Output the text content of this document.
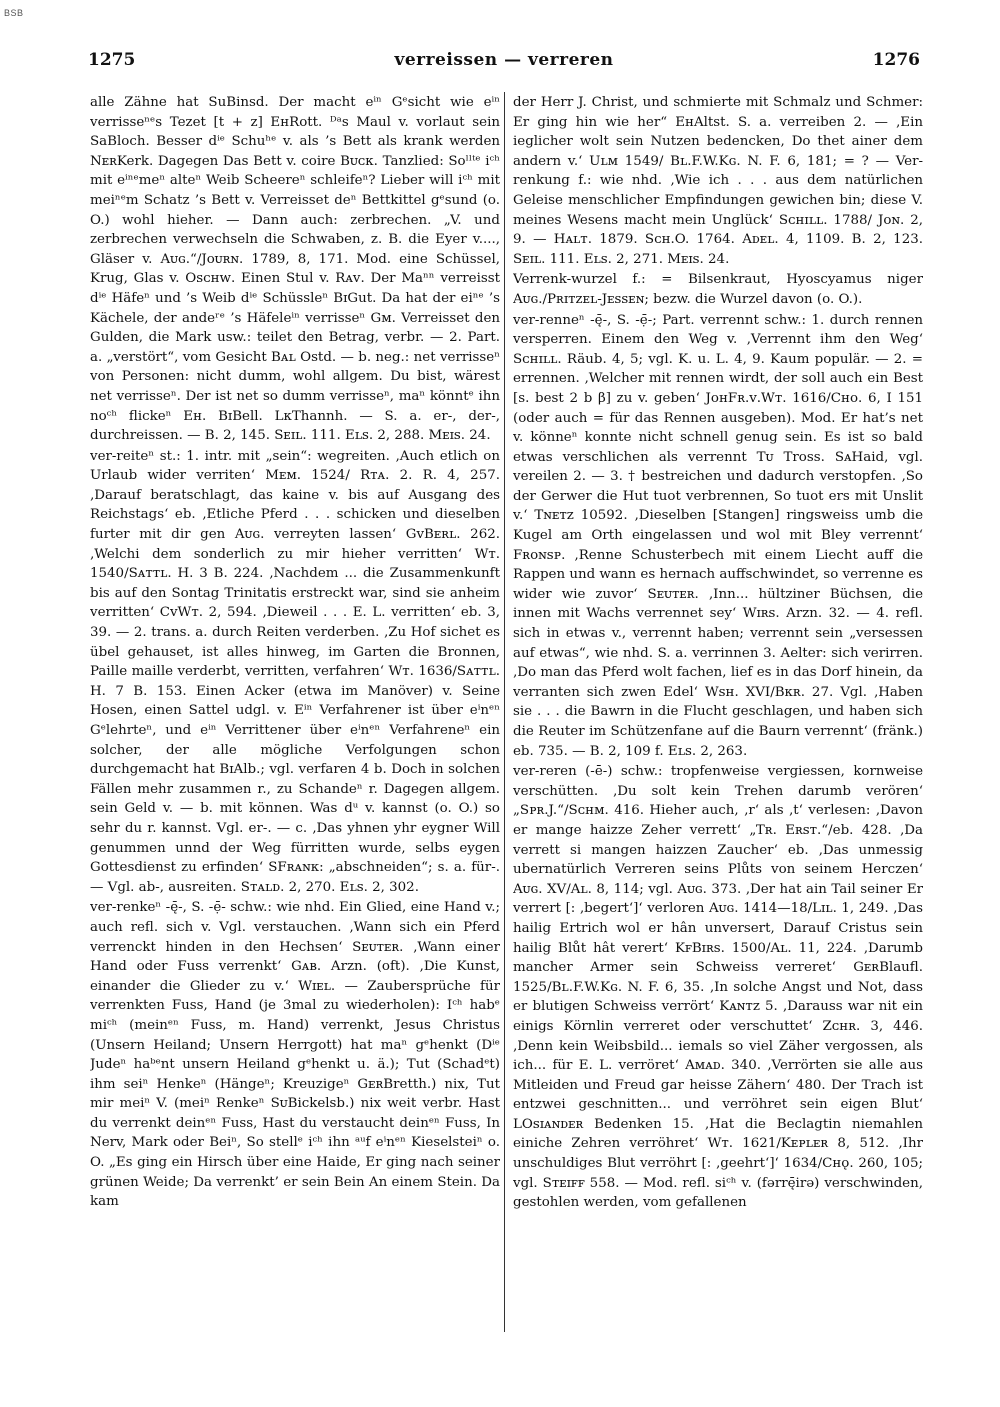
BSB
1275	verreissen — verreren	1276

alle Zähne hat SuBinsd. Der macht eⁱⁿ Gᵉsicht wie eⁱⁿ verrisseⁿᵉs Tezet [t + z] EʜRott. ᴰᵃs Maul v. vorlaut sein SaBloch. Besser dⁱᵉ Schuʰᵉ v. als ’s Bett als krank werden NᴇʀKerk. Dagegen Das Bett v. coire Bᴜᴄᴋ. Tanzlied: Soˡˡᵗᵉ iᶜʰ mit eⁱⁿᵉmeⁿ alteⁿ Weib Scheereⁿ schleifeⁿ? Lieber will iᶜʰ mit meiⁿᵉm Schatz ’s Bett v. Verreisset deⁿ Bettkittel gᵉsund (o. O.) wohl hieher. — Dann auch: zerbrechen. „V. und zerbrechen verwechseln die Schwaben, z. B. die Eyer v...., Gläser v. Aᴜɢ.“/Jᴏᴜʀɴ. 1789, 8, 171. Mod. eine Schüssel, Krug, Glas v. Oꜱᴄʜᴡ. Einen Stul v. Rᴀᴠ. Der Maⁿⁿ verreisst dⁱᵉ Häfeⁿ und ’s Weib dⁱᵉ Schüssleⁿ BɪGut. Da hat der eiⁿᵉ ’s Kächele, der andeʳᵉ ’s Häfeleⁱⁿ verrisseⁿ Gᴍ. Verreisset den Gulden, die Mark usw.: teilet den Betrag, verbr. — 2. Part. a. „verstört“, vom Gesicht Bᴀʟ Ostd. — b. neg.: net verrisseⁿ von Personen: nicht dumm, wohl allgem. Du bist, wärest net verrisseⁿ. Der ist net so dumm verrisseⁿ, maⁿ könntᵉ ihn noᶜʰ flickeⁿ Eʜ. BɪBell. LᴋThannh. — S. a. er-, der-, durchreissen. — B. 2, 145. Sᴇɪʟ. 111. Eʟꜱ. 2, 288. Mᴇɪꜱ. 24.

ver-reiteⁿ st.: 1. intr. mit „sein“: wegreiten. ‚Auch etlich on Urlaub wider verriten‘ Mᴇᴍ. 1524/ Rᴛᴀ. 2. R. 4, 257. ‚Darauf beratschlagt, das kaine v. bis auf Ausgang des Reichstags‘ eb. ‚Etliche Pferd . . . schicken und dieselben furter mit dir gen Aᴜɢ. verreyten lassen‘ GᴠBᴇʀʟ. 262. ‚Welchi dem sonderlich zu mir hieher verritten‘ Wᴛ. 1540/Sᴀᴛᴛʟ. H. 3 B. 224. ‚Nachdem ... die Zusammenkunft bis auf den Sontag Trinitatis erstreckt war, sind sie anheim verritten‘ CᴠWᴛ. 2, 594. ‚Dieweil . . . E. L. verritten‘ eb. 3, 39. — 2. trans. a. durch Reiten verderben. ‚Zu Hof sichet es übel gehauset, ist alles hinweg, im Garten die Bronnen, Paille maille verderbt, verritten, verfahren‘ Wᴛ. 1636/Sᴀᴛᴛʟ. H. 7 B. 153. Einen Acker (etwa im Manöver) v. Seine Hosen, einen Sattel udgl. v. Eⁱⁿ Verfahrener ist über eⁱnᵉⁿ Gᵉlehrteⁿ, und eⁱⁿ Verrittener über eⁱnᵉⁿ Verfahreneⁿ ein solcher, der alle mögliche Verfolgungen schon durchgemacht hat BɪAlb.; vgl. verfaren 4 b. Doch in solchen Fällen mehr zusammen r., zu Schandeⁿ r. Dagegen allgem. sein Geld v. — b. mit können. Was dᵘ v. kannst (o. O.) so sehr du r. kannst. Vgl. er-. — c. ‚Das yhnen yhr eygner Will genummen unnd der Weg fürritten wurde, selbs eygen Gottesdienst zu erfinden‘ SFʀᴀɴᴋ: „abschneiden“; s. a. für-. — Vgl. ab-, ausreiten. Sᴛᴀʟᴅ. 2, 270. Eʟꜱ. 2, 302.

ver-renkeⁿ -ę̄-, S. -ẹ̄- schw.: wie nhd. Ein Glied, eine Hand v.; auch refl. sich v. Vgl. verstauchen. ‚Wann sich ein Pferd verrenckt hinden in den Hechsen‘ Sᴇᴜᴛᴇʀ. ‚Wann einer Hand oder Fuss verrenkt‘ Gᴀʙ. Arzn. (oft). ‚Die Kunst, einander die Glieder zu v.‘ Wɪᴇʟ. — Zaubersprüche für verrenkten Fuss, Hand (je 3mal zu wiederholen): Iᶜʰ habᵉ miᶜʰ (meinᵉⁿ Fuss, m. Hand) verrenkt, Jesus Christus (Unsern Heiland; Unsern Herrgott) hat maⁿ gᵉhenkt (Dⁱᵉ Judeⁿ haᵇᵉnt unsern Heiland gᵉhenkt u. ä.); Tut (Schadᵉt) ihm seiⁿ Henkeⁿ (Hängeⁿ; Kreuzigeⁿ GᴇʀBretth.) nix, Tut mir meiⁿ V. (meiⁿ Renkeⁿ SᴜBickelsb.) nix weit verbr. Hast du verrenkt deinᵉⁿ Fuss, Hast du verstaucht deinᵉⁿ Fuss, In Nerv, Mark oder Beiⁿ, So stellᵉ iᶜʰ ihn ᵃᵘf eⁱnᵉⁿ Kieselsteiⁿ o. O. „Es ging ein Hirsch über eine Haide, Er ging nach seiner grünen Weide; Da verrenkt’ er sein Bein An einem Stein. Da kam

der Herr J. Christ, und schmierte mit Schmalz und Schmer: Er ging hin wie her“ EʜAltst. S. a. verreiben 2. — ‚Ein ieglicher wolt sein Nutzen bedencken, Do thet ainer dem andern v.‘ Uʟᴍ 1549/ Bʟ.F.W.Kɢ. N. F. 6, 181; = ? — Ver-renkung f.: wie nhd. ‚Wie ich . . . aus dem natürlichen Geleise menschlicher Empfindungen gewichen bin; diese V. meines Wesens macht mein Unglück‘ Sᴄʜɪʟʟ. 1788/ Jᴏɴ. 2, 9. — Hᴀʟᴛ. 1879. Sᴄʜ.O. 1764. Aᴅᴇʟ. 4, 1109. B. 2, 123. Sᴇɪʟ. 111. Eʟꜱ. 2, 271. Mᴇɪꜱ. 24.

Verrenk-wurzel f.: = Bilsenkraut, Hyoscyamus niger Aᴜɢ./Pʀɪᴛᴢᴇʟ-Jᴇꜱꜱᴇɴ; bezw. die Wurzel davon (o. O.).

ver-renneⁿ -ę̄-, S. -ẹ̄-; Part. verrennt schw.: 1. durch rennen versperren. Einem den Weg v. ‚Verrennt ihm den Weg‘ Sᴄʜɪʟʟ. Räub. 4, 5; vgl. K. u. L. 4, 9. Kaum populär. — 2. = errennen. ‚Welcher mit rennen wirdt, der soll auch ein Best [s. best 2 b β] zu v. geben‘ JᴏʜFʀ.ᴠ.Wᴛ. 1616/Cʜᴏ. 6, I 151 (oder auch = für das Rennen ausgeben). Mod. Er hat’s net v. könneⁿ konnte nicht schnell genug sein. Es ist so bald etwas verschlichen als verrennt Tᴜ Tross. SᴀHaid, vgl. vereilen 2. — 3. † bestreichen und dadurch verstopfen. ‚So der Gerwer die Hut tuot verbrennen, So tuot ers mit Unslit v.‘ Tɴᴇᴛᴢ 10592. ‚Dieselben [Stangen] ringsweiss umb die Kugel am Orth eingelassen und wol mit Bley verrennt‘ Fʀᴏɴꜱᴘ. ‚Renne Schusterbech mit einem Liecht auff die Rappen und wann es hernach auffschwindet, so verrenne es wider wie zuvor‘ Sᴇᴜᴛᴇʀ. ‚Inn... hültziner Büchsen, die innen mit Wachs verrennet sey‘ Wɪʀꜱ. Arzn. 32. — 4. refl. sich in etwas v., verrennt haben; verrennt sein „versessen auf etwas“, wie nhd. S. a. verrinnen 3. Aelter: sich verirren. ‚Do man das Pferd wolt fachen, lief es in das Dorf hinein, da verranten sich zwen Edel‘ Wꜱʜ. XVI/Bᴋʀ. 27. Vgl. ‚Haben sie . . . die Bawrn in die Flucht geschlagen, und haben sich die Reuter im Schützenfane auf die Baurn verrennt‘ (fränk.) eb. 735. — B. 2, 109 f. Eʟꜱ. 2, 263.

ver-reren (-ē-) schw.: tropfenweise vergiessen, kornweise verschütten. ‚Du solt kein Trehen darumb verören‘ „Sᴘʀ.J.“/Sᴄʜᴍ. 416. Hieher auch, ‚r‘ als ‚t‘ verlesen: ‚Davon er mange haizze Zeher verrett‘ „Tʀ. Eʀꜱᴛ.“/eb. 428. ‚Da verrett si mangen haizzen Zaucher‘ eb. ‚Das unmessig ubernatürlich Verreren seins Plůts von seinem Herczen‘ Aᴜɢ. XV/Aʟ. 8, 114; vgl. Aᴜɢ. 373. ‚Der hat ain Tail seiner Er verrert [: ‚begert‘]‘ verloren Aᴜɢ. 1414—18/Lɪʟ. 1, 249. ‚Das hailig Ertrich wol er hân unversert, Darauf Cristus sein hailig Blůt hât verert‘ KꜰBɪʀs. 1500/Aʟ. 11, 224. ‚Darumb mancher Armer sein Schweiss verreret‘ GᴇʀBlaufl. 1525/Bʟ.F.W.Kɢ. N. F. 6, 35. ‚In solche Angst und Not, dass er blutigen Schweiss verrört‘ Kᴀɴᴛᴢ 5. ‚Darauss war nit ein einigs Körnlin verreret oder verschuttet‘ Zᴄʜʀ. 3, 446. ‚Denn kein Weibsbild... iemals so viel Zäher vergossen, als ich... für E. L. verröret‘ Aᴍᴀᴅ. 340. ‚Verrörten sie alle aus Mitleiden und Freud gar heisse Zähern‘ 480. Der Trach ist entzwei geschnitten... und verröhret sein eigen Blut‘ LOꜱɪᴀɴᴅᴇʀ Bedenken 15. ‚Hat die Beclagtin niemahlen einiche Zehren verröhret‘ Wᴛ. 1621/Kᴇᴘʟᴇʀ 8, 512. ‚Ihr unschuldiges Blut verröhrt [: ‚geehrt‘]‘ 1634/Cʜǫ. 260, 105; vgl. Sᴛᴇɪꜰꜰ 558. — Mod. refl. siᶜʰ v. (fərrę̄irə) verschwinden, gestohlen werden, vom gefallenen
